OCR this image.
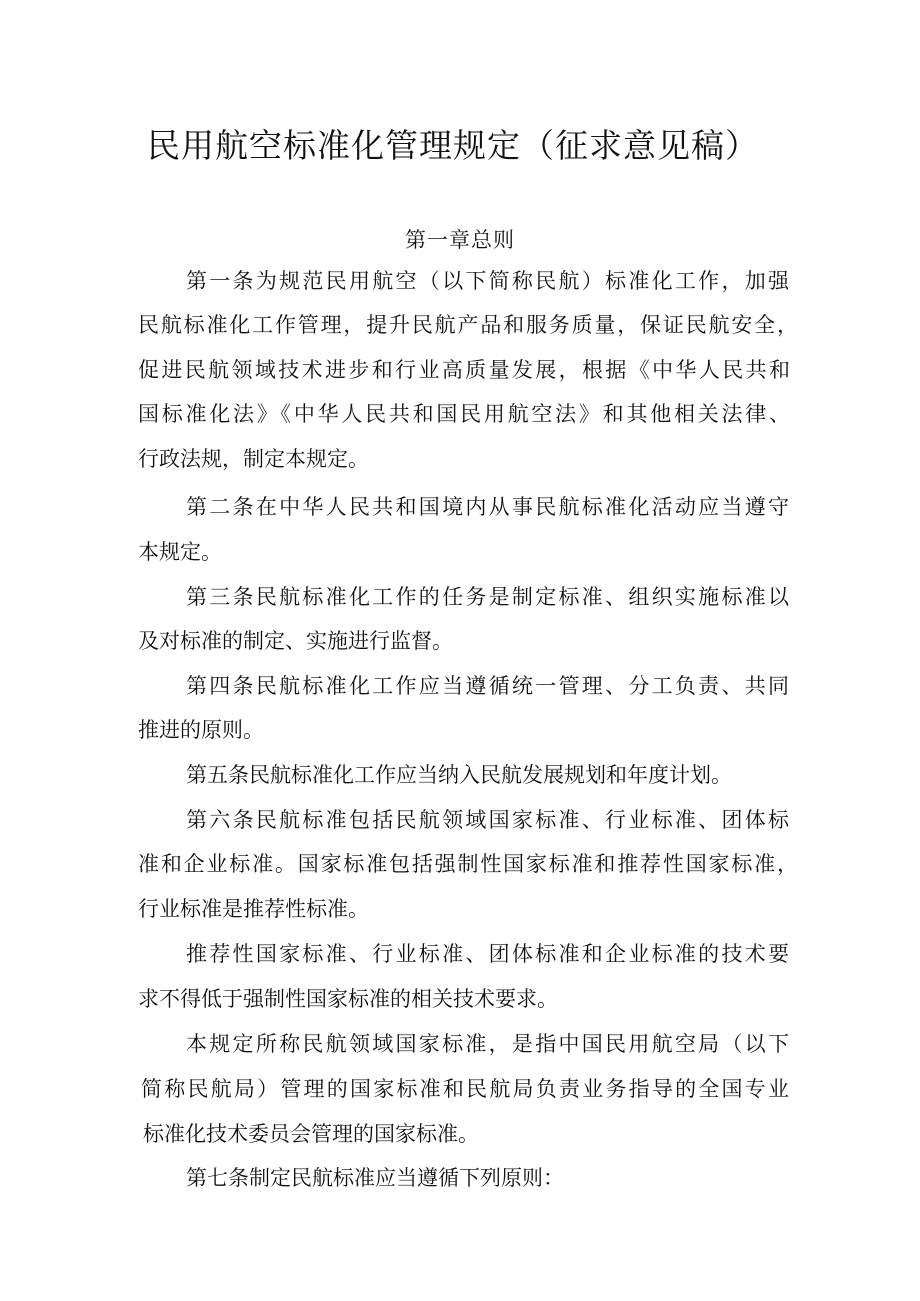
民用航空标准化管理规定（征求意见稿）
第一章总则
第一条为规范民用航空（以下简称民航）标准化工作，加强
民航标准化工作管理，提升民航产品和服务质量，保证民航安全，
促进民航领域技术进步和行业高质量发展，根据《中华人民共和
国标准化法》《中华人民共和国民用航空法》和其他相关法律、
行政法规，制定本规定。
第二条在中华人民共和国境内从事民航标准化活动应当遵守
本规定。
第三条民航标准化工作的任务是制定标准、组织实施标准以
及对标准的制定、实施进行监督。
第四条民航标准化工作应当遵循统一管理、分工负责、共同
推进的原则。
第五条民航标准化工作应当纳入民航发展规划和年度计划。
第六条民航标准包括民航领域国家标准、行业标准、团体标
准和企业标准。国家标准包括强制性国家标准和推荐性国家标准，
行业标准是推荐性标准。
推荐性国家标准、行业标准、团体标准和企业标准的技术要
求不得低于强制性国家标准的相关技术要求。
本规定所称民航领域国家标准，是指中国民用航空局（以下
简称民航局）管理的国家标准和民航局负责业务指导的全国专业
标准化技术委员会管理的国家标准。
第七条制定民航标准应当遵循下列原则：
